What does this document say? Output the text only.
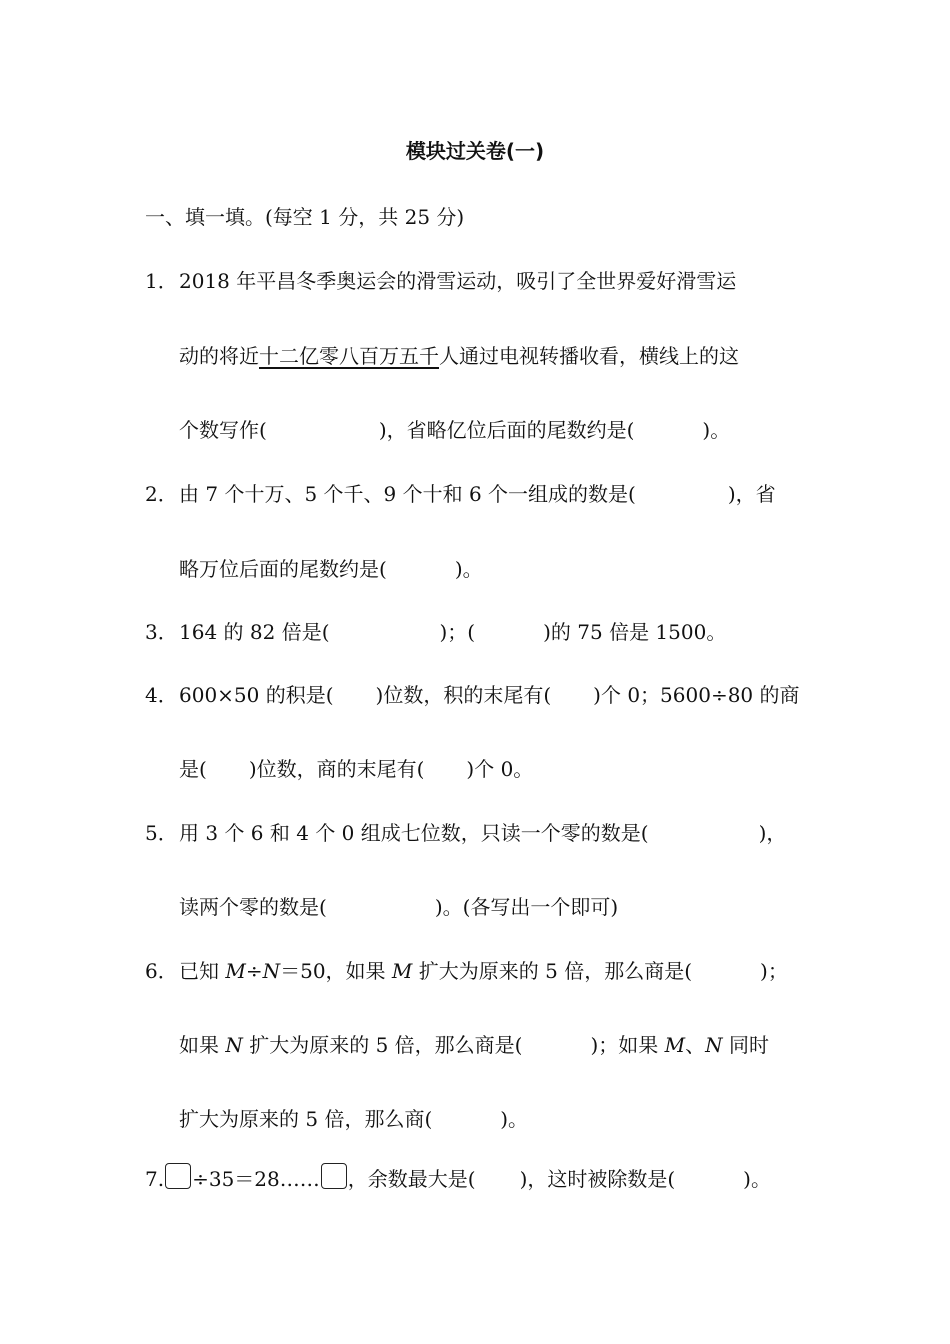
模块过关卷(一)
一、填一填。(每空 1 分，共 25 分)
1．2018 年平昌冬季奥运会的滑雪运动，吸引了全世界爱好滑雪运
动的将近十二亿零八百万五千人通过电视转播收看，横线上的这
个数写作(	)，省略亿位后面的尾数约是(	)。
2．由 7 个十万、5 个千、9 个十和 6 个一组成的数是(	)，省
略万位后面的尾数约是(	)。
3．164 的 82 倍是(	)；(	)的 75 倍是 1500。
4．600×50 的积是( )位数，积的末尾有( )个 0；5600÷80 的商
是( )位数，商的末尾有( )个 0。
5．用 3 个 6 和 4 个 0 组成七位数，只读一个零的数是(	)，
读两个零的数是(	)。(各写出一个即可)
6．已知 M÷N＝50，如果 M 扩大为原来的 5 倍，那么商是(	)；
如果 N 扩大为原来的 5 倍，那么商是(	)；如果 M、N 同时
扩大为原来的 5 倍，那么商(	)。
7. ÷35＝28…… ，余数最大是( )，这时被除数是(	)。
